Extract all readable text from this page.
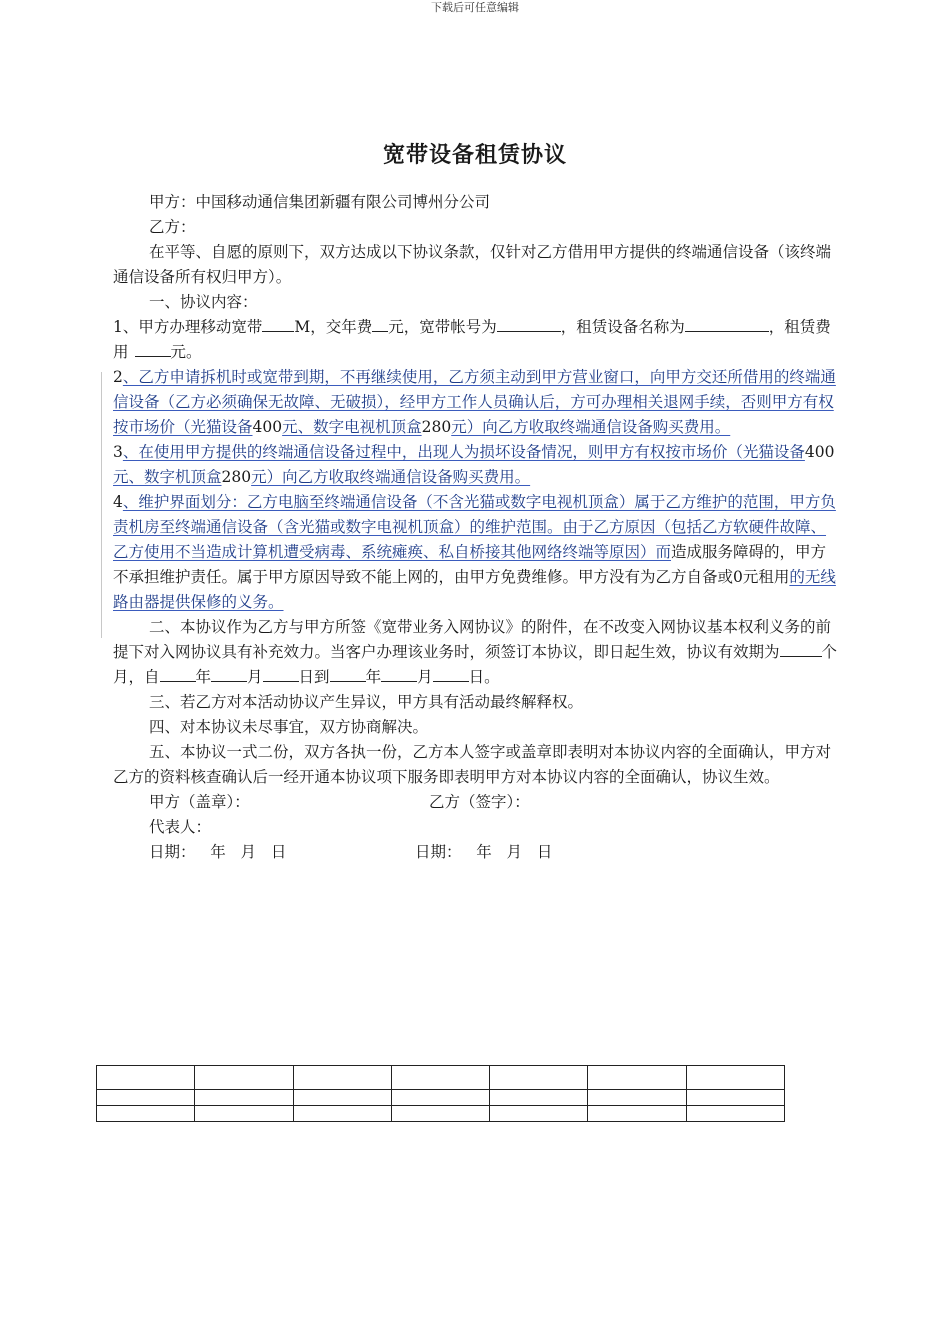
下载后可任意编辑
宽带设备租赁协议

甲方：中国移动通信集团新疆有限公司博州分公司

乙方：

在平等、自愿的原则下，双方达成以下协议条款，仅针对乙方借用甲方提供的终端通信设备（该终端通信设备所有权归甲方）。

一、协议内容：

1、甲方办理移动宽带 M，交年费 元，宽带帐号为	，租赁设备名称为	，租赁费用	元。

2、乙方申请拆机时或宽带到期，不再继续使用，乙方须主动到甲方营业窗口，向甲方交还所借用的终端通信设备（乙方必须确保无故障、无破损），经甲方工作人员确认后，方可办理相关退网手续，否则甲方有权按市场价（光猫设备400元、数字电视机顶盒280元）向乙方收取终端通信设备购买费用。

3、在使用甲方提供的终端通信设备过程中，出现人为损坏设备情况，则甲方有权按市场价（光猫设备400元、数字机顶盒280元）向乙方收取终端通信设备购买费用。

4、维护界面划分：乙方电脑至终端通信设备（不含光猫或数字电视机顶盒）属于乙方维护的范围，甲方负责机房至终端通信设备（含光猫或数字电视机顶盒）的维护范围。由于乙方原因（包括乙方软硬件故障、乙方使用不当造成计算机遭受病毒、系统瘫痪、私自桥接其他网络终端等原因）而造成服务障碍的，甲方不承担维护责任。属于甲方原因导致不能上网的，由甲方免费维修。甲方没有为乙方自备或0元租用的无线路由器提供保修的义务。

二、本协议作为乙方与甲方所签《宽带业务入网协议》的附件，在不改变入网协议基本权利义务的前提下对入网协议具有补充效力。当客户办理该业务时，须签订本协议，即日起生效，协议有效期为	个月，自 年 月 日到 年 月 日。

三、若乙方对本活动协议产生异议，甲方具有活动最终解释权。

四、对本协议未尽事宜，双方协商解决。

五、本协议一式二份，双方各执一份，乙方本人签字或盖章即表明对本协议内容的全面确认，甲方对乙方的资料核查确认后一经开通本协议项下服务即表明甲方对本协议内容的全面确认，协议生效。

甲方（盖章）：	乙方（签字）：
代表人：
日期：   年   月   日	日期：   年   月   日
